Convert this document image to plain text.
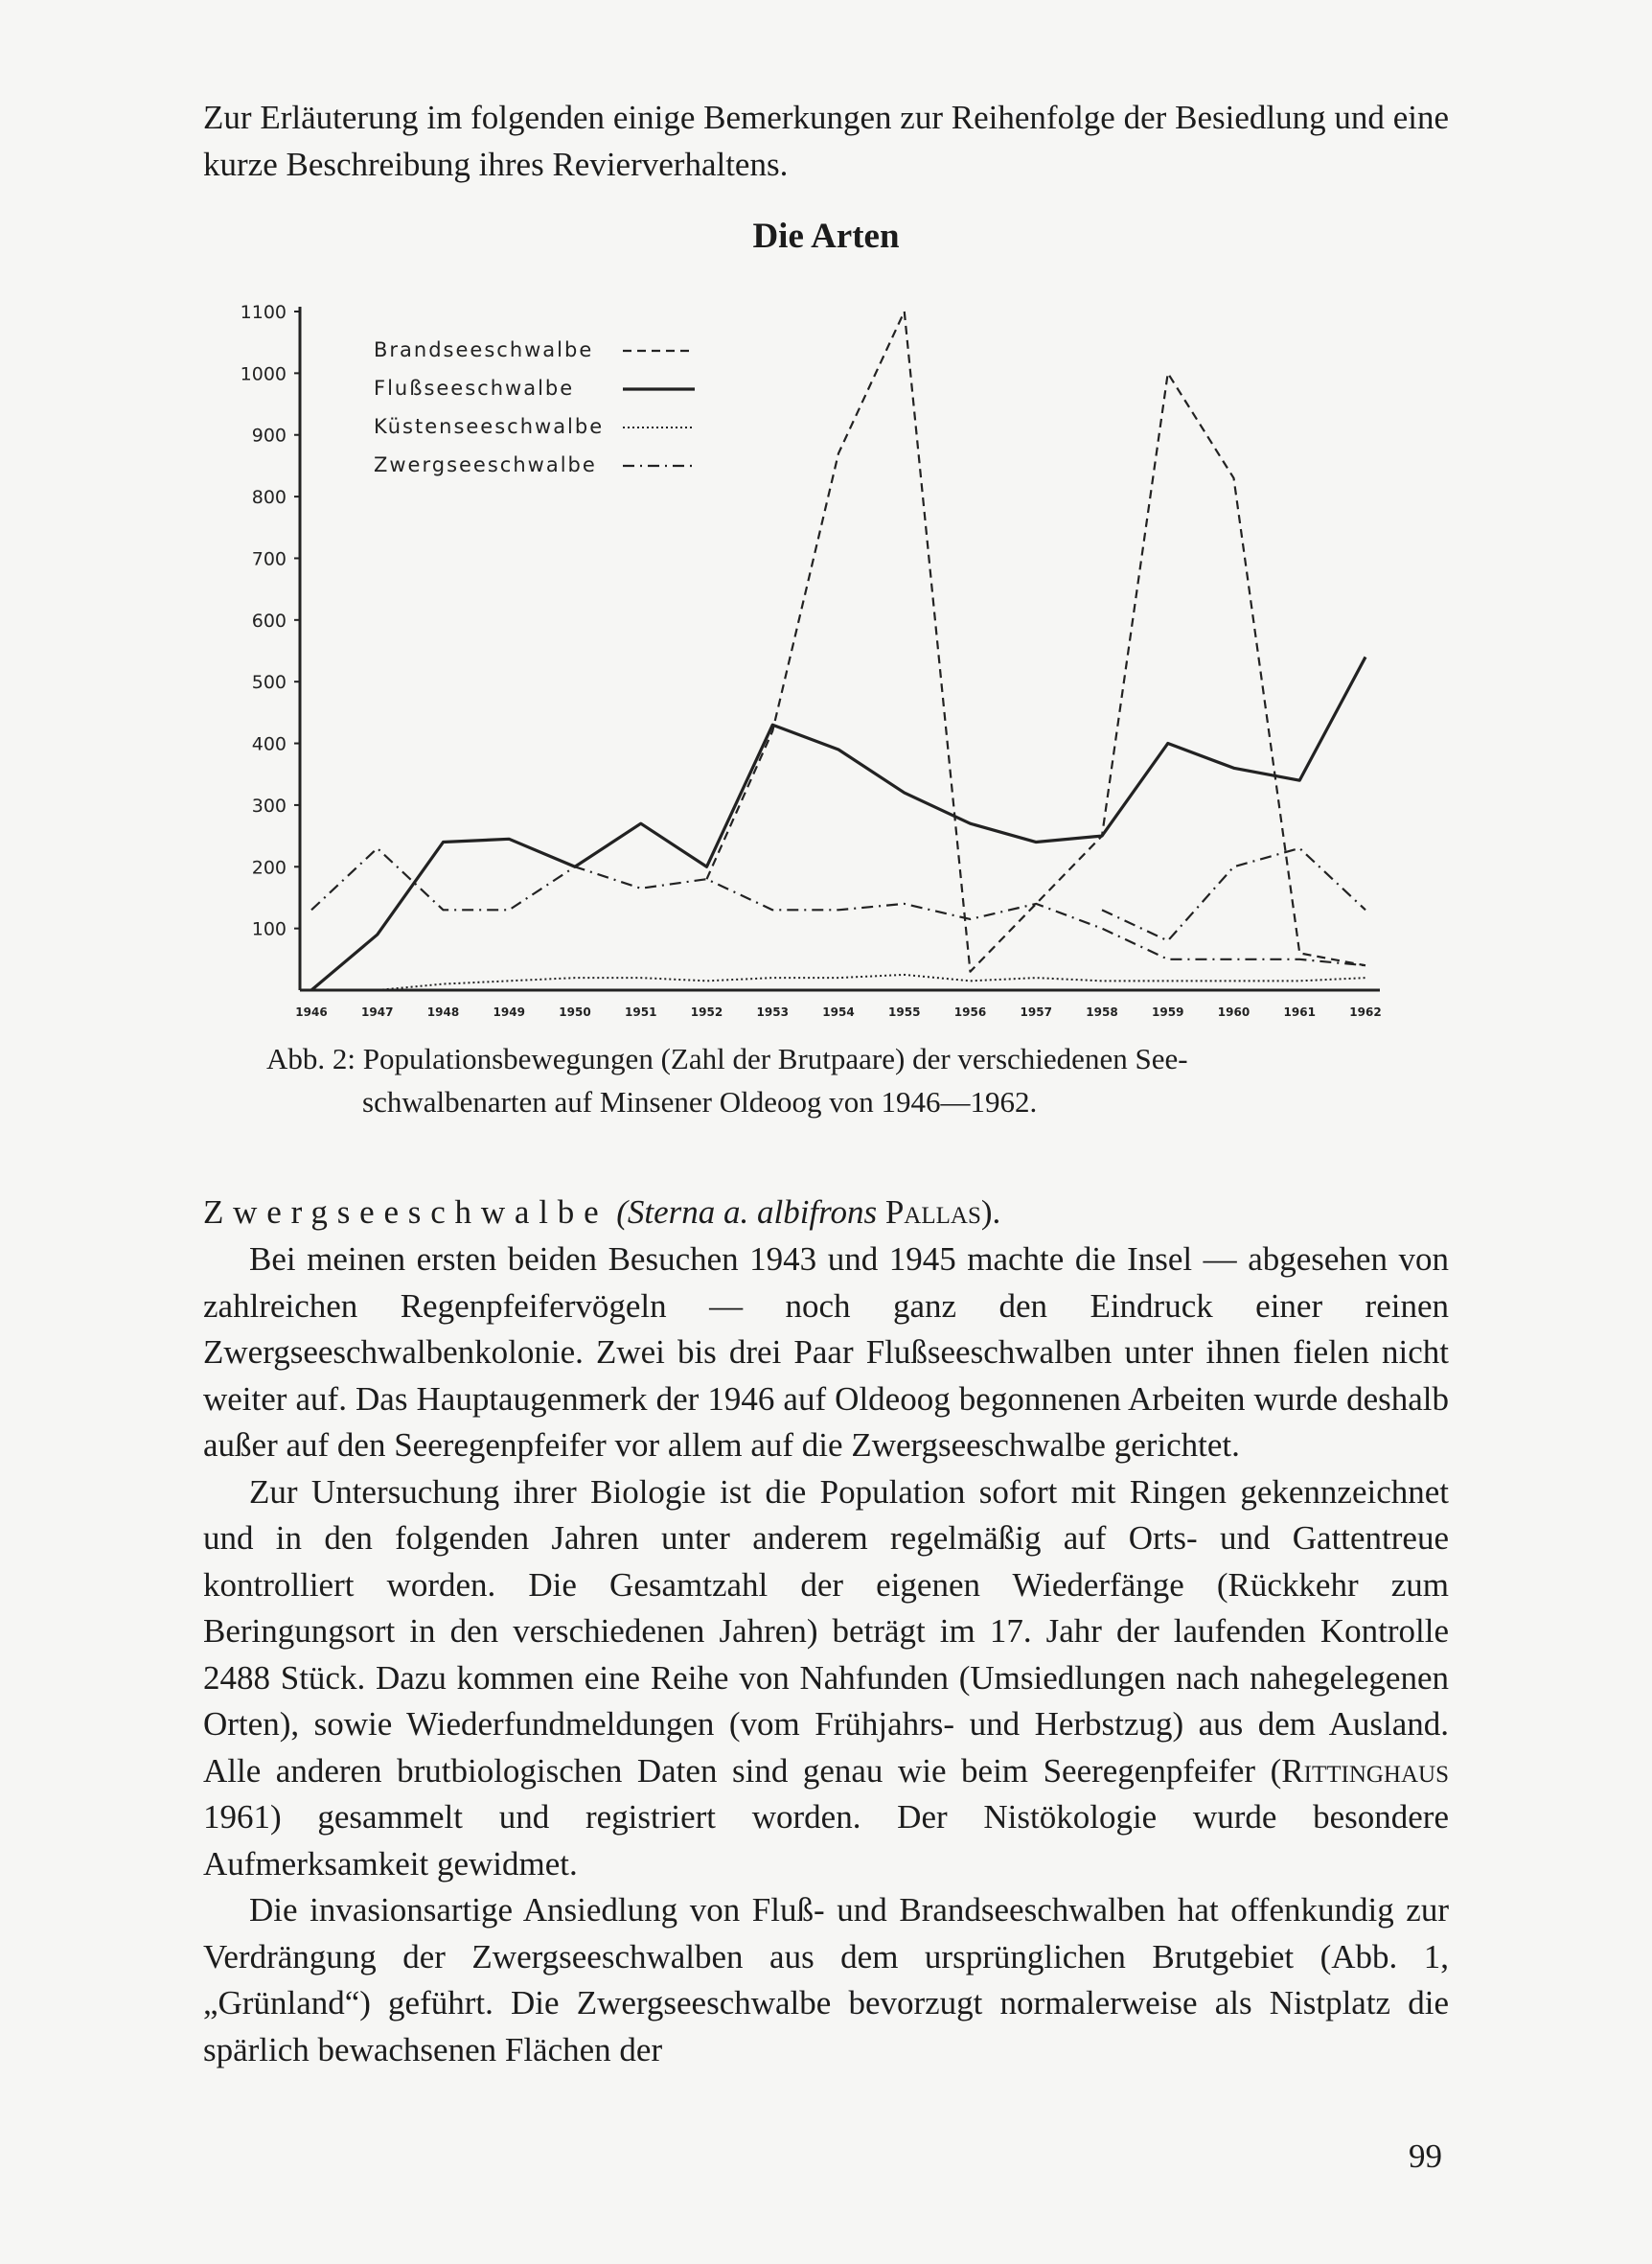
Zur Erläuterung im folgenden einige Bemerkungen zur Reihenfolge der Besiedlung und eine kurze Beschreibung ihres Revierverhaltens.

Die Arten
100
200
300
400
500
600
700
800
900
1000
1100
1946	1947	1948	1949	1950	1951	1952	1953	1954	1955	1956	1957	1958	1959	1960	1961	1962
Brandseeschwalbe
Flußseeschwalbe
Küstenseeschwalbe
Zwergseeschwalbe
Abb. 2: Populationsbewegungen (Zahl der Brutpaare) der verschiedenen See-
schwalbenarten auf Minsener Oldeoog von 1946—1962.

Zwergseeschwalbe (Sterna a. albifrons Pallas).

Bei meinen ersten beiden Besuchen 1943 und 1945 machte die Insel — abgesehen von zahlreichen Regenpfeifervögeln — noch ganz den Eindruck einer reinen Zwergseeschwalbenkolonie. Zwei bis drei Paar Flußseeschwalben unter ihnen fielen nicht weiter auf. Das Hauptaugenmerk der 1946 auf Oldeoog begonnenen Arbeiten wurde deshalb außer auf den Seeregenpfeifer vor allem auf die Zwergseeschwalbe gerichtet.

Zur Untersuchung ihrer Biologie ist die Population sofort mit Ringen gekennzeichnet und in den folgenden Jahren unter anderem regelmäßig auf Orts- und Gattentreue kontrolliert worden. Die Gesamtzahl der eigenen Wiederfänge (Rückkehr zum Beringungsort in den verschiedenen Jahren) beträgt im 17. Jahr der laufenden Kontrolle 2488 Stück. Dazu kommen eine Reihe von Nahfunden (Umsiedlungen nach nahegelegenen Orten), sowie Wiederfundmeldungen (vom Frühjahrs- und Herbstzug) aus dem Ausland. Alle anderen brutbiologischen Daten sind genau wie beim Seeregenpfeifer (Rittinghaus 1961) gesammelt und registriert worden. Der Nistökologie wurde besondere Aufmerksamkeit gewidmet.

Die invasionsartige Ansiedlung von Fluß- und Brandseeschwalben hat offenkundig zur Verdrängung der Zwergseeschwalben aus dem ursprünglichen Brutgebiet (Abb. 1, „Grünland“) geführt. Die Zwergseeschwalbe bevorzugt normalerweise als Nistplatz die spärlich bewachsenen Flächen der

99
